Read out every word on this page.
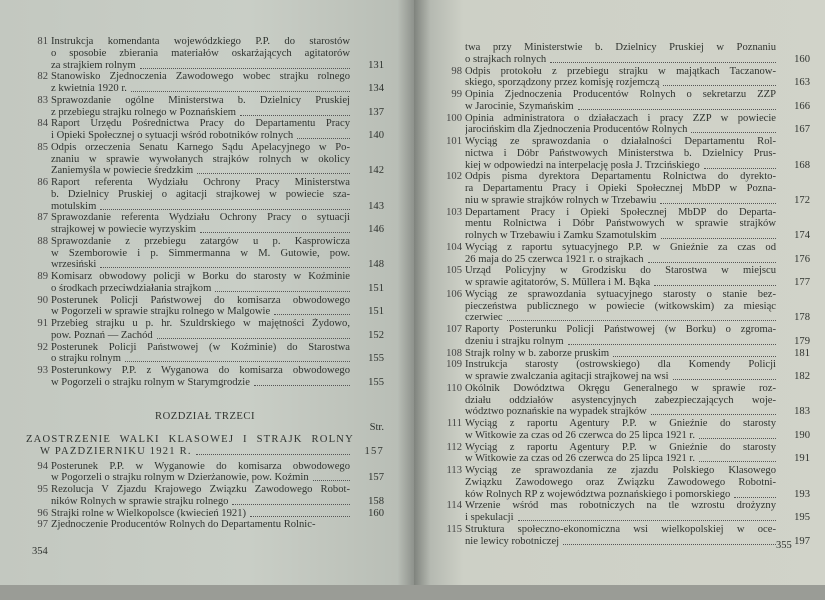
81 Instrukcja komendanta wojewódzkiego P.P. do starostów
o sposobie zbierania materiałów oskarżających agitatorów
za strajkiem rolnym	131
82 Stanowisko Zjednoczenia Zawodowego wobec strajku rolnego
z kwietnia 1920 r.	134
83 Sprawozdanie ogólne Ministerstwa b. Dzielnicy Pruskiej
z przebiegu strajku rolnego w Poznańskiem	137
84 Raport Urzędu Pośrednictwa Pracy do Departamentu Pracy
i Opieki Społecznej o sytuacji wśród robotników rolnych	140
85 Odpis orzeczenia Senatu Karnego Sądu Apelacyjnego w Po-
znaniu w sprawie wywołanych strajków rolnych w okolicy
Zaniemyśla w powiecie średzkim	142
86 Raport referenta Wydziału Ochrony Pracy Ministerstwa
b. Dzielnicy Pruskiej o agitacji strajkowej w powiecie sza-
motulskim	143
87 Sprawozdanie referenta Wydziału Ochrony Pracy o sytuacji
strajkowej w powiecie wyrzyskim	146
88 Sprawozdanie z przebiegu zatargów u p. Kasprowicza
w Szemborowie i p. Simmermanna w M. Gutowie, pow.
wrzesiński	148
89 Komisarz obwodowy policji w Borku do starosty w Koźminie
o środkach przeciwdziałania strajkom	151
90 Posterunek Policji Państwowej do komisarza obwodowego
w Pogorzeli w sprawie strajku rolnego w Malgowie	151
91 Przebieg strajku u p. hr. Szuldrskiego w majętności Żydowo,
pow. Poznań — Zachód	152
92 Posterunek Policji Państwowej (w Koźminie) do Starostwa
o strajku rolnym	155
93 Posterunkowy P.P. z Wyganowa do komisarza obwodowego
w Pogorzeli o strajku rolnym w Starymgrodzie	155
ROZDZIAŁ TRZECI
Str.
ZAOSTRZENIE WALKI KLASOWEJ I STRAJK ROLNY
W PAŹDZIERNIKU 1921 R.	157
94 Posterunek P.P. w Wyganowie do komisarza obwodowego
w Pogorzeli o strajku rolnym w Dzierżanowie, pow. Koźmin	157
95 Rezolucja V Zjazdu Krajowego Związku Zawodowego Robot-
ników Rolnych w sprawie strajku rolnego	158
96 Strajki rolne w Wielkopolsce (kwiecień 1921)	160
97 Zjednoczenie Producentów Rolnych do Departamentu Rolnic-
354
twa przy Ministerstwie b. Dzielnicy Pruskiej w Poznaniu
o strajkach rolnych	160
98 Odpis protokołu z przebiegu strajku w majątkach Taczanow-
skiego, sporządzony przez komisję rozjemczą	163
99 Opinia Zjednoczenia Producentów Rolnych o sekretarzu ZZP
w Jarocinie, Szymańskim	166
100 Opinia administratora o działaczach i pracy ZZP w powiecie
jarocińskim dla Zjednoczenia Producentów Rolnych	167
101 Wyciąg ze sprawozdania o działalności Departamentu Rol-
nictwa i Dóbr Państwowych Ministerstwa b. Dzielnicy Prus-
kiej w odpowiedzi na interpelację posła J. Trzcińskiego	168
102 Odpis pisma dyrektora Departamentu Rolnictwa do dyrekto-
ra Departamentu Pracy i Opieki Społecznej MbDP w Pozna-
niu w sprawie strajków rolnych w Trzebawiu	172
103 Departament Pracy i Opieki Społecznej MbDP do Departa-
mentu Rolnictwa i Dóbr Państwowych w sprawie strajków
rolnych w Trzebawiu i Zamku Szamotulskim	174
104 Wyciąg z raportu sytuacyjnego P.P. w Gnieźnie za czas od
26 maja do 25 czerwca 1921 r. o strajkach	176
105 Urząd Policyjny w Grodzisku do Starostwa w miejscu
w sprawie agitatorów, S. Müllera i M. Bąka	177
106 Wyciąg ze sprawozdania sytuacyjnego starosty o stanie bez-
pieczeństwa publicznego w powiecie (witkowskim) za miesiąc
czerwiec	178
107 Raporty Posterunku Policji Państwowej (w Borku) o zgroma-
dzeniu i strajku rolnym	179
108 Strajk rolny w b. zaborze pruskim	181
109 Instrukcja starosty (ostrowskiego) dla Komendy Policji
w sprawie zwalczania agitacji strajkowej na wsi	182
110 Okólnik Dowództwa Okręgu Generalnego w sprawie roz-
działu oddziałów asystencyjnych zabezpieczających woje-
wództwo poznańskie na wypadek strajków	183
111 Wyciąg z raportu Agentury P.P. w Gnieźnie do starosty
w Witkowie za czas od 26 czerwca do 25 lipca 1921 r.	190
112 Wyciąg z raportu Agentury P.P. w Gnieźnie do starosty
w Witkowie za czas od 26 czerwca do 25 lipca 1921 r.	191
113 Wyciąg ze sprawozdania ze zjazdu Polskiego Klasowego
Związku Zawodowego oraz Związku Zawodowego Robotni-
ków Rolnych RP z województwa poznańskiego i pomorskiego	193
114 Wrzenie wśród mas robotniczych na tle wzrostu drożyzny
i spekulacji	195
115 Struktura społeczno-ekonomiczna wsi wielkopolskiej w oce-
nie lewicy robotniczej	197
355
